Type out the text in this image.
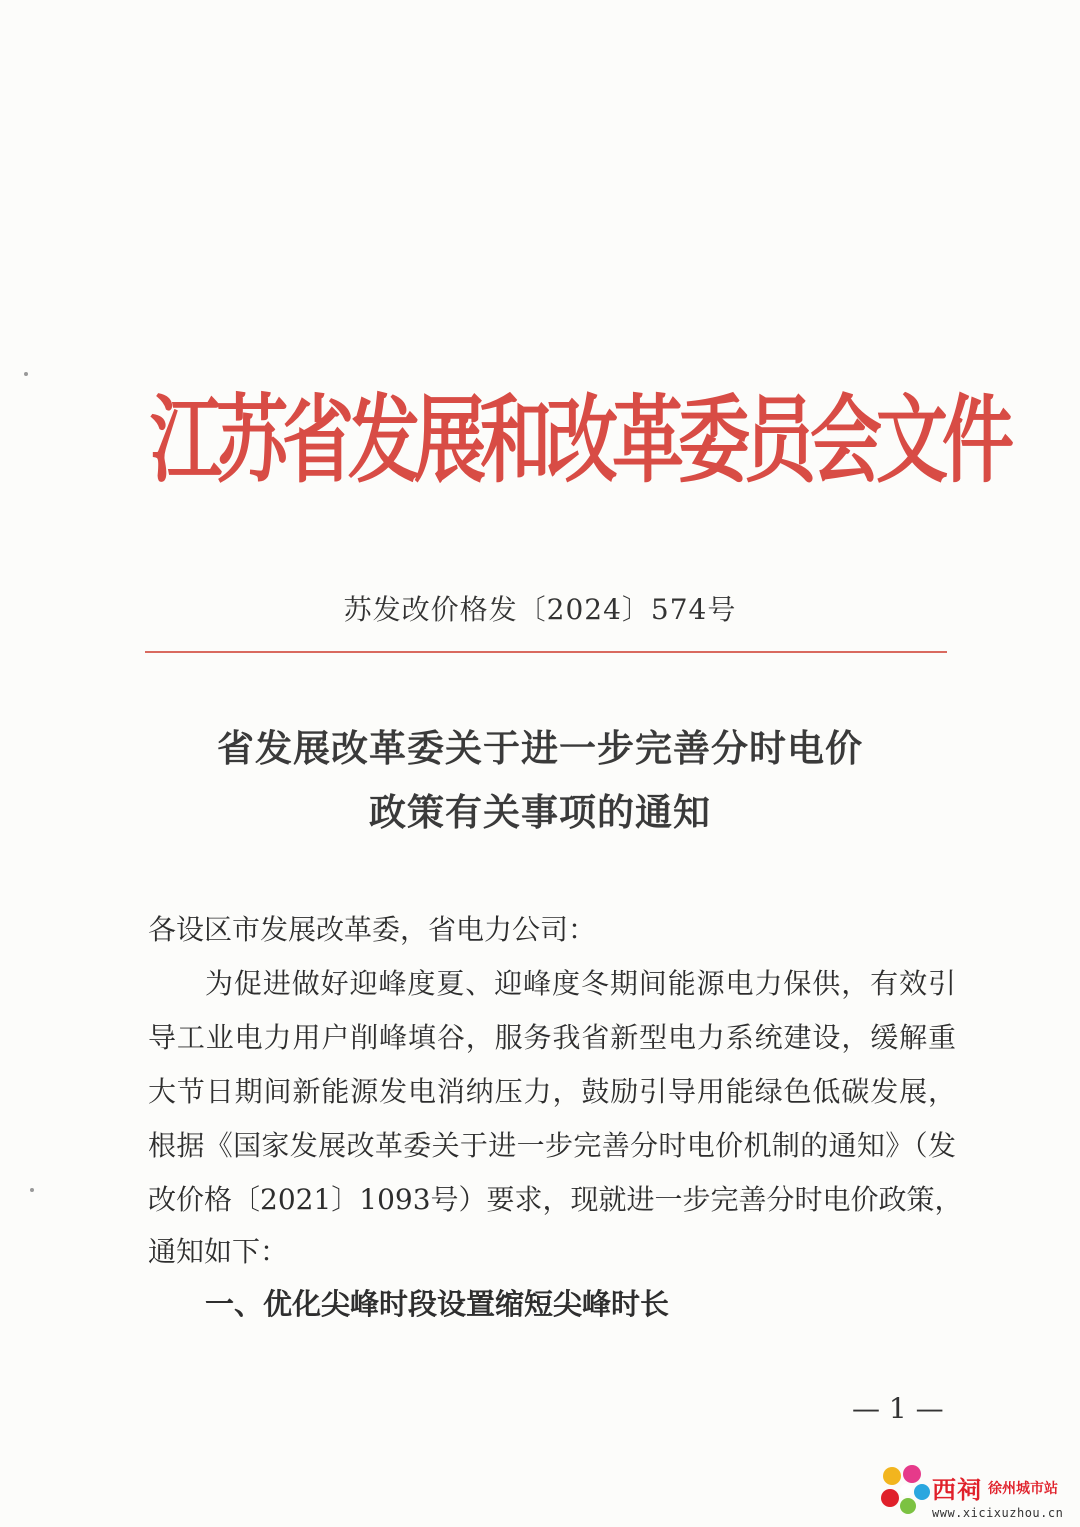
江苏省发展和改革委员会文件
苏发改价格发〔2024〕574号
省发展改革委关于进一步完善分时电价
政策有关事项的通知
各设区市发展改革委，省电力公司：
为促进做好迎峰度夏、迎峰度冬期间能源电力保供，有效引
导工业电力用户削峰填谷，服务我省新型电力系统建设，缓解重
大节日期间新能源发电消纳压力，鼓励引导用能绿色低碳发展，
根据《国家发展改革委关于进一步完善分时电价机制的通知》（发
改价格〔2021〕1093号）要求，现就进一步完善分时电价政策，
通知如下：
一、优化尖峰时段设置缩短尖峰时长
— 1 —
西祠 徐州城市站
www.xicixuzhou.cn
